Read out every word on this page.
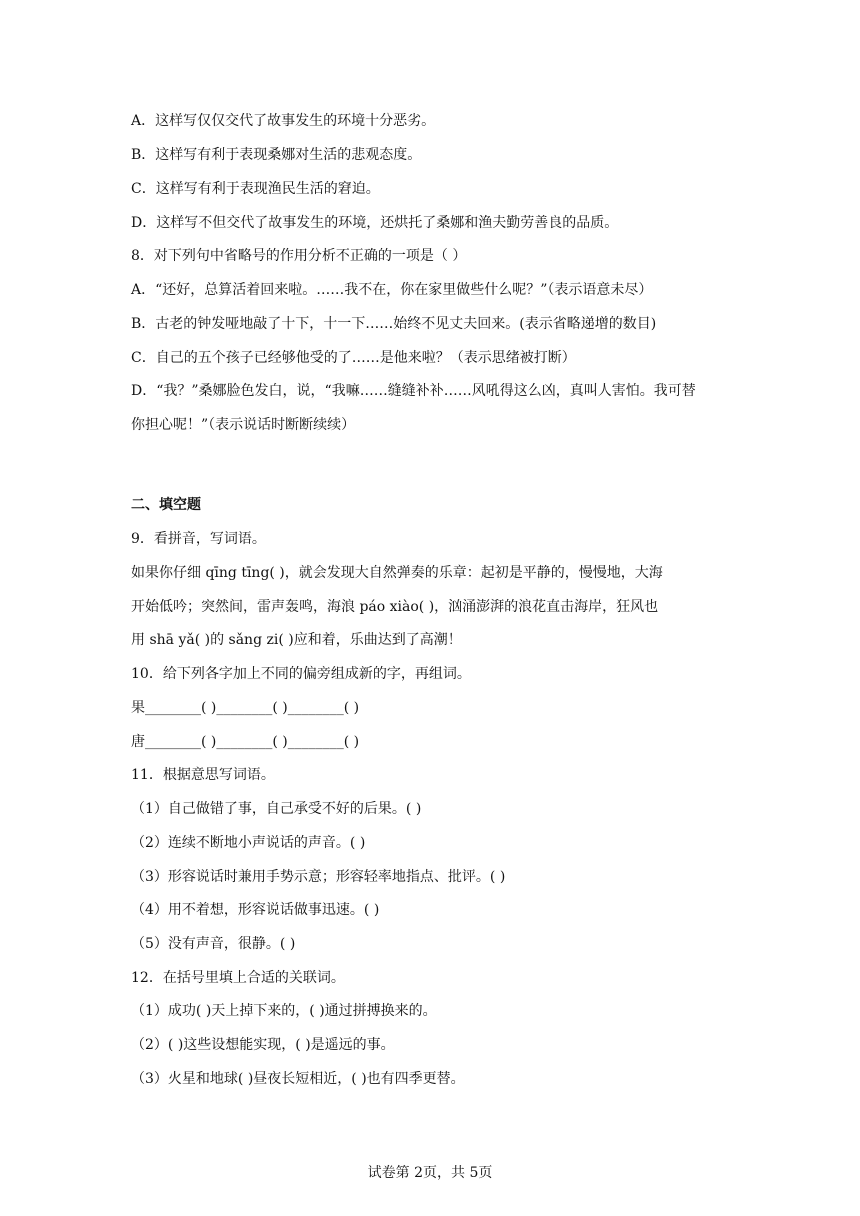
A．这样写仅仅交代了故事发生的环境十分恶劣。
B．这样写有利于表现桑娜对生活的悲观态度。
C．这样写有利于表现渔民生活的窘迫。
D．这样写不但交代了故事发生的环境，还烘托了桑娜和渔夫勤劳善良的品质。
8．对下列句中省略号的作用分析不正确的一项是（ ）
A．“还好，总算活着回来啦。……我不在，你在家里做些什么呢？”（表示语意未尽）
B．古老的钟发哑地敲了十下，十一下……始终不见丈夫回来。(表示省略递增的数目)
C．自己的五个孩子已经够他受的了……是他来啦？（表示思绪被打断）
D．“我？”桑娜脸色发白，说，“我嘛……缝缝补补……风吼得这么凶，真叫人害怕。我可替
你担心呢！”（表示说话时断断续续）
二、填空题
9．看拼音，写词语。
如果你仔细 qīng tīng( )，就会发现大自然弹奏的乐章：起初是平静的，慢慢地，大海
开始低吟；突然间，雷声轰鸣，海浪 páo xiào( )，汹涌澎湃的浪花直击海岸，狂风也
用 shā yǎ( )的 sǎng zi( )应和着，乐曲达到了高潮！
10．给下列各字加上不同的偏旁组成新的字，再组词。
果________( )________( )________( )
唐________( )________( )________( )
11．根据意思写词语。
（1）自己做错了事，自己承受不好的后果。( )
（2）连续不断地小声说话的声音。( )
（3）形容说话时兼用手势示意；形容轻率地指点、批评。( )
（4）用不着想，形容说话做事迅速。( )
（5）没有声音，很静。( )
12．在括号里填上合适的关联词。
（1）成功( )天上掉下来的，( )通过拼搏换来的。
（2）( )这些设想能实现，( )是遥远的事。
（3）火星和地球( )昼夜长短相近，( )也有四季更替。
试卷第 2页，共 5页
